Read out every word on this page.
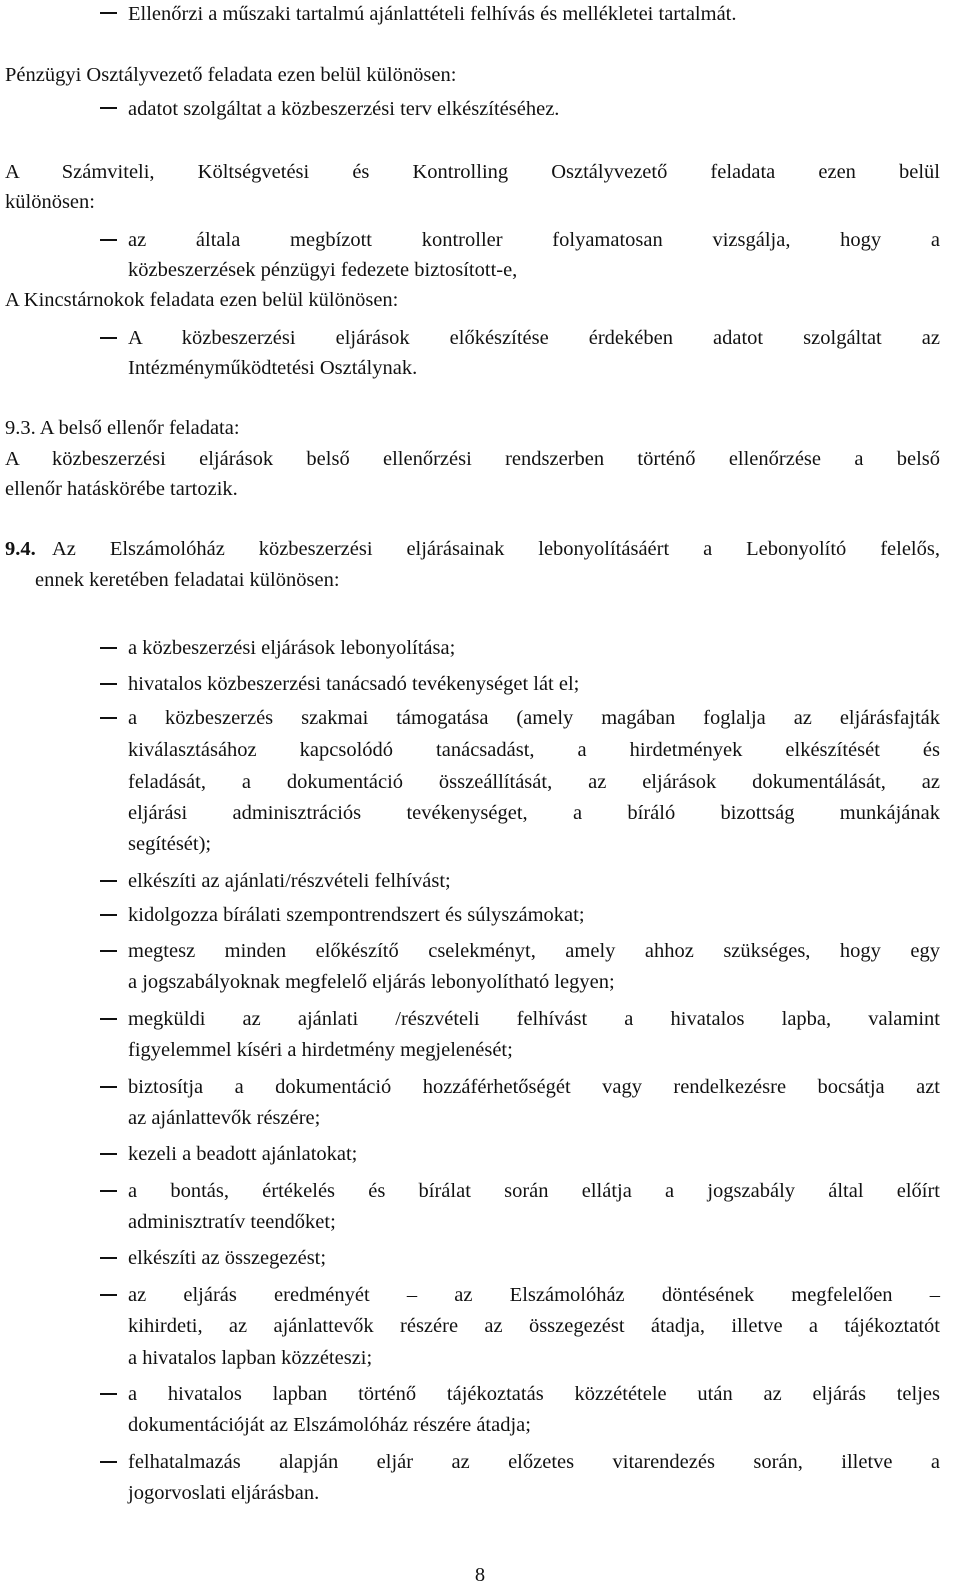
Ellenőrzi a műszaki tartalmú ajánlattételi felhívás és mellékletei tartalmát.
Pénzügyi Osztályvezető feladata ezen belül különösen:
adatot szolgáltat a közbeszerzési terv elkészítéséhez.
A Számviteli, Költségvetési és Kontrolling Osztályvezető feladata ezen belül
különösen:
az általa megbízott kontroller folyamatosan vizsgálja, hogy a
közbeszerzések pénzügyi fedezete biztosított-e,
A Kincstárnokok feladata ezen belül különösen:
A közbeszerzési eljárások előkészítése érdekében adatot szolgáltat az
Intézményműködtetési Osztálynak.
9.3. A belső ellenőr feladata:
A közbeszerzési eljárások belső ellenőrzési rendszerben történő ellenőrzése a belső
ellenőr hatáskörébe tartozik.
9.4. Az Elszámolóház közbeszerzési eljárásainak lebonyolításáért a Lebonyolító felelős,
ennek keretében feladatai különösen:
a közbeszerzési eljárások lebonyolítása;
hivatalos közbeszerzési tanácsadó tevékenységet lát el;
a közbeszerzés szakmai támogatása (amely magában foglalja az eljárásfajták
kiválasztásához kapcsolódó tanácsadást, a hirdetmények elkészítését és
feladását, a dokumentáció összeállítását, az eljárások dokumentálását, az
eljárási adminisztrációs tevékenységet, a bíráló bizottság munkájának
segítését);
elkészíti az ajánlati/részvételi felhívást;
kidolgozza bírálati szempontrendszert és súlyszámokat;
megtesz minden előkészítő cselekményt, amely ahhoz szükséges, hogy egy
a jogszabályoknak megfelelő eljárás lebonyolítható legyen;
megküldi az ajánlati /részvételi felhívást a hivatalos lapba, valamint
figyelemmel kíséri a hirdetmény megjelenését;
biztosítja a dokumentáció hozzáférhetőségét vagy rendelkezésre bocsátja azt
az ajánlattevők részére;
kezeli a beadott ajánlatokat;
a bontás, értékelés és bírálat során ellátja a jogszabály által előírt
adminisztratív teendőket;
elkészíti az összegezést;
az eljárás eredményét – az Elszámolóház döntésének megfelelően –
kihirdeti, az ajánlattevők részére az összegezést átadja, illetve a tájékoztatót
a hivatalos lapban közzéteszi;
a hivatalos lapban történő tájékoztatás közzététele után az eljárás teljes
dokumentációját az Elszámolóház részére átadja;
felhatalmazás alapján eljár az előzetes vitarendezés során, illetve a
jogorvoslati eljárásban.
8
